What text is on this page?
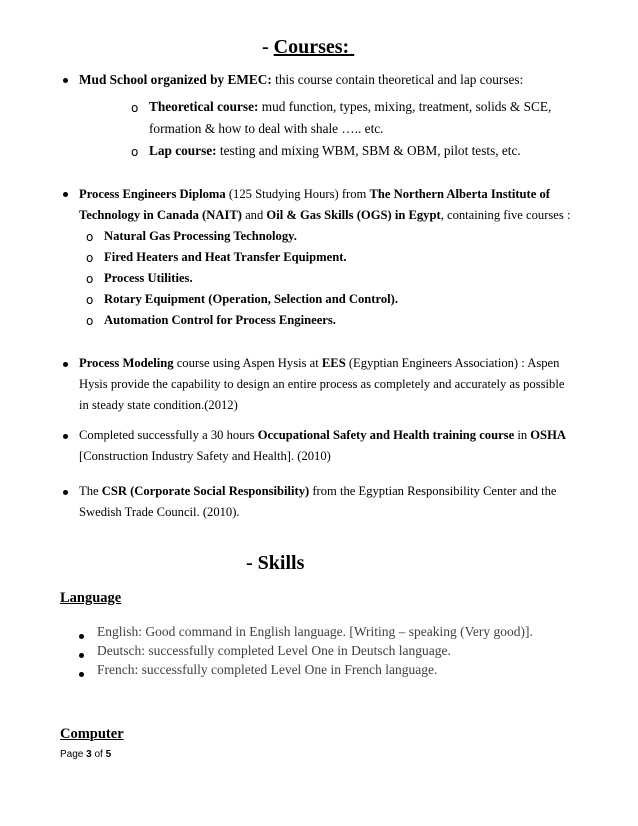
- Courses:
Mud School organized by EMEC: this course contain theoretical and lap courses:
o Theoretical course: mud function, types, mixing, treatment, solids & SCE,
formation & how to deal with shale ….. etc.
o Lap course: testing and mixing WBM, SBM & OBM, pilot tests, etc.
Process Engineers Diploma (125 Studying Hours) from The Northern Alberta Institute of
Technology in Canada (NAIT) and Oil & Gas Skills (OGS) in Egypt, containing five courses :
o Natural Gas Processing Technology.
o Fired Heaters and Heat Transfer Equipment.
o Process Utilities.
o Rotary Equipment (Operation, Selection and Control).
o Automation Control for Process Engineers.
Process Modeling course using Aspen Hysis at EES (Egyptian Engineers Association) : Aspen
Hysis provide the capability to design an entire process as completely and accurately as possible
in steady state condition.(2012)
Completed successfully a 30 hours Occupational Safety and Health training course in OSHA
[Construction Industry Safety and Health]. (2010)
The CSR (Corporate Social Responsibility) from the Egyptian Responsibility Center and the
Swedish Trade Council. (2010).
- Skills
Language
English: Good command in English language. [Writing – speaking (Very good)].
Deutsch: successfully completed Level One in Deutsch language.
French: successfully completed Level One in French language.
Computer
Page 3 of 5
